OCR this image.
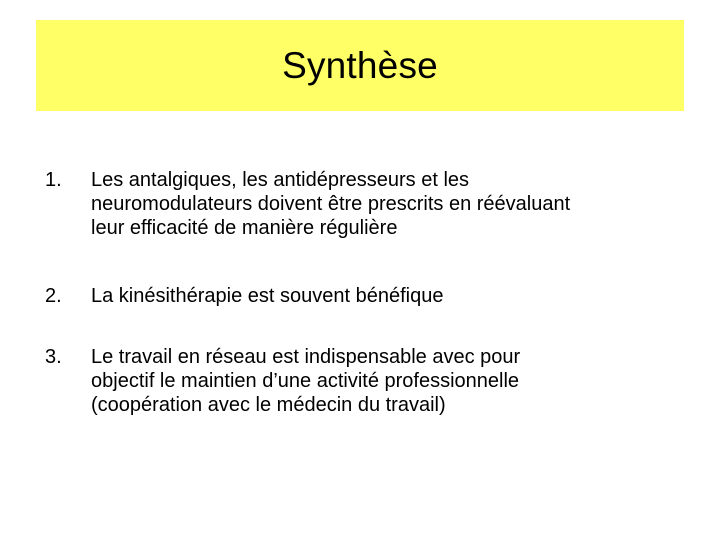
Synthèse
1. Les antalgiques, les antidépresseurs et les
neuromodulateurs doivent être prescrits en réévaluant
leur efficacité de manière régulière
2. La kinésithérapie est souvent bénéfique
3. Le travail en réseau est indispensable avec pour
objectif le maintien d’une activité professionnelle
(coopération avec le médecin du travail)
